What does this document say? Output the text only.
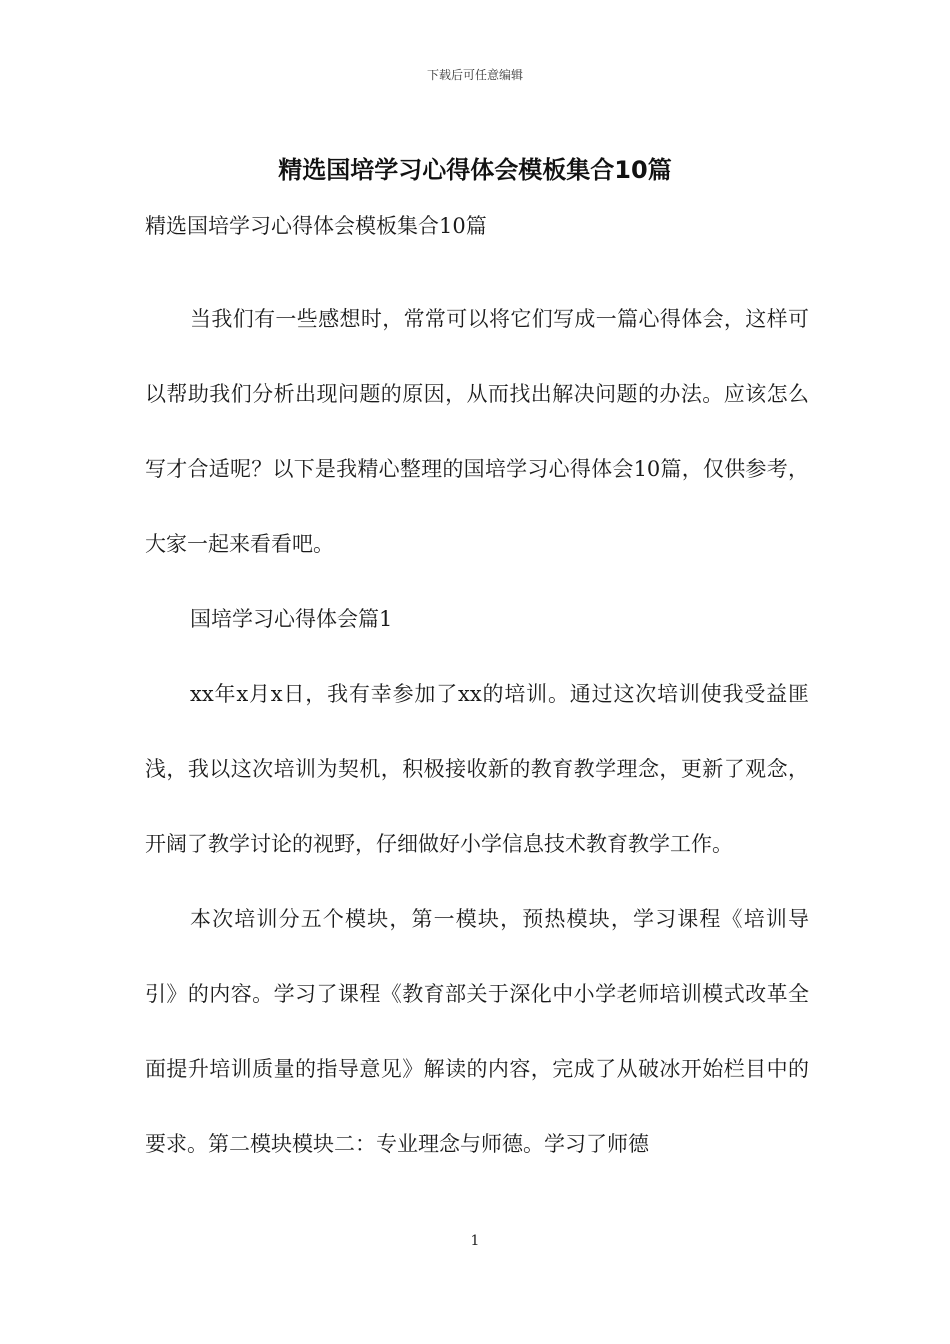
下载后可任意编辑
精选国培学习心得体会模板集合10篇
精选国培学习心得体会模板集合10篇

当我们有一些感想时，常常可以将它们写成一篇心得体会，这样可以帮助我们分析出现问题的原因，从而找出解决问题的办法。应该怎么写才合适呢？以下是我精心整理的国培学习心得体会10篇，仅供参考，大家一起来看看吧。

国培学习心得体会篇1

xx年x月x日，我有幸参加了xx的培训。通过这次培训使我受益匪浅，我以这次培训为契机，积极接收新的教育教学理念，更新了观念，开阔了教学讨论的视野，仔细做好小学信息技术教育教学工作。

本次培训分五个模块，第一模块，预热模块，学习课程《培训导引》的内容。学习了课程《教育部关于深化中小学老师培训模式改革全面提升培训质量的指导意见》解读的内容，完成了从破冰开始栏目中的要求。第二模块模块二：专业理念与师德。学习了师德

1
